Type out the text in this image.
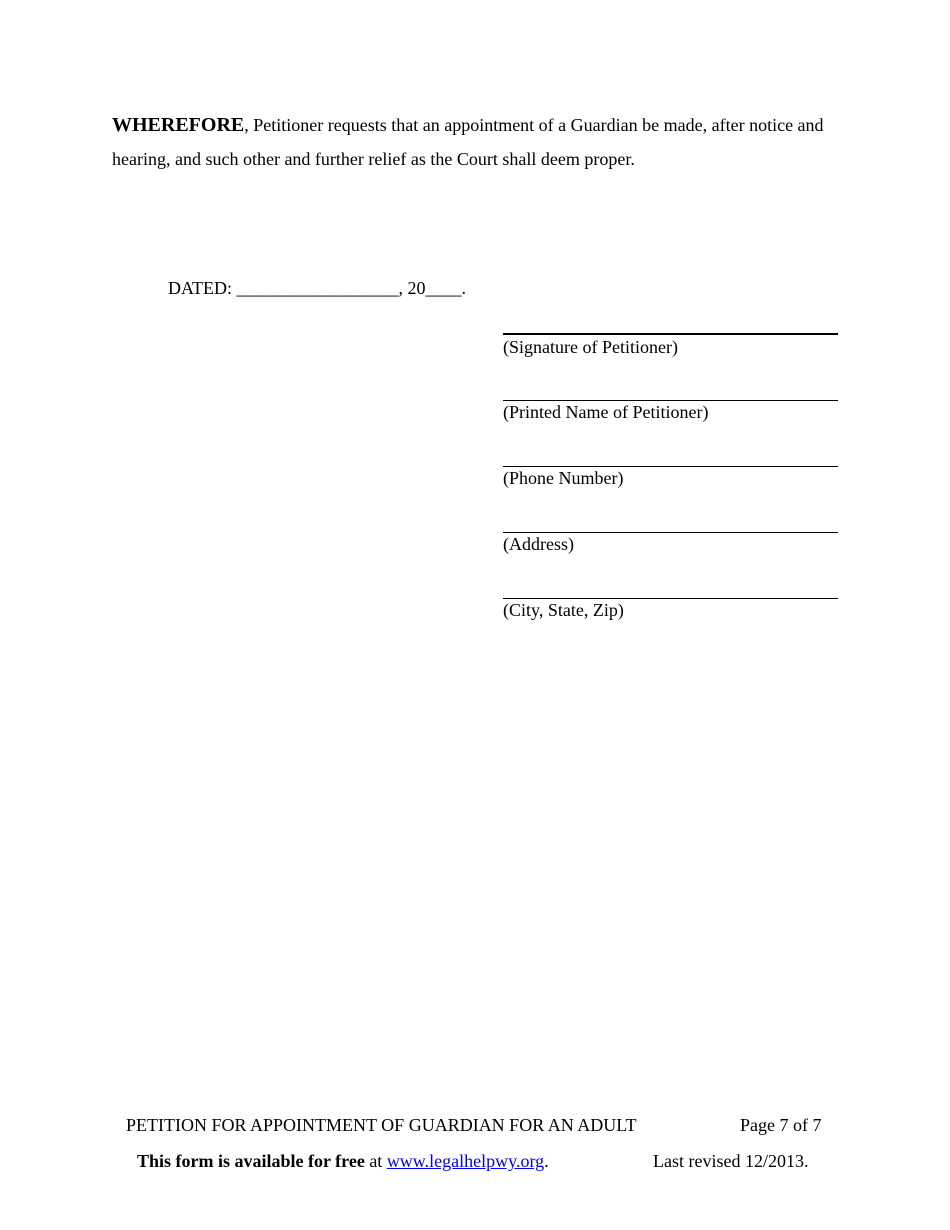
WHEREFORE, Petitioner requests that an appointment of a Guardian be made, after notice and hearing, and such other and further relief as the Court shall deem proper.

DATED: __________________, 20____.
(Signature of Petitioner)
(Printed Name of Petitioner)
(Phone Number)
(Address)
(City, State, Zip)
PETITION FOR APPOINTMENT OF GUARDIAN FOR AN ADULT	Page 7 of 7
This form is available for free at www.legalhelpwy.org.	Last revised 12/2013.
